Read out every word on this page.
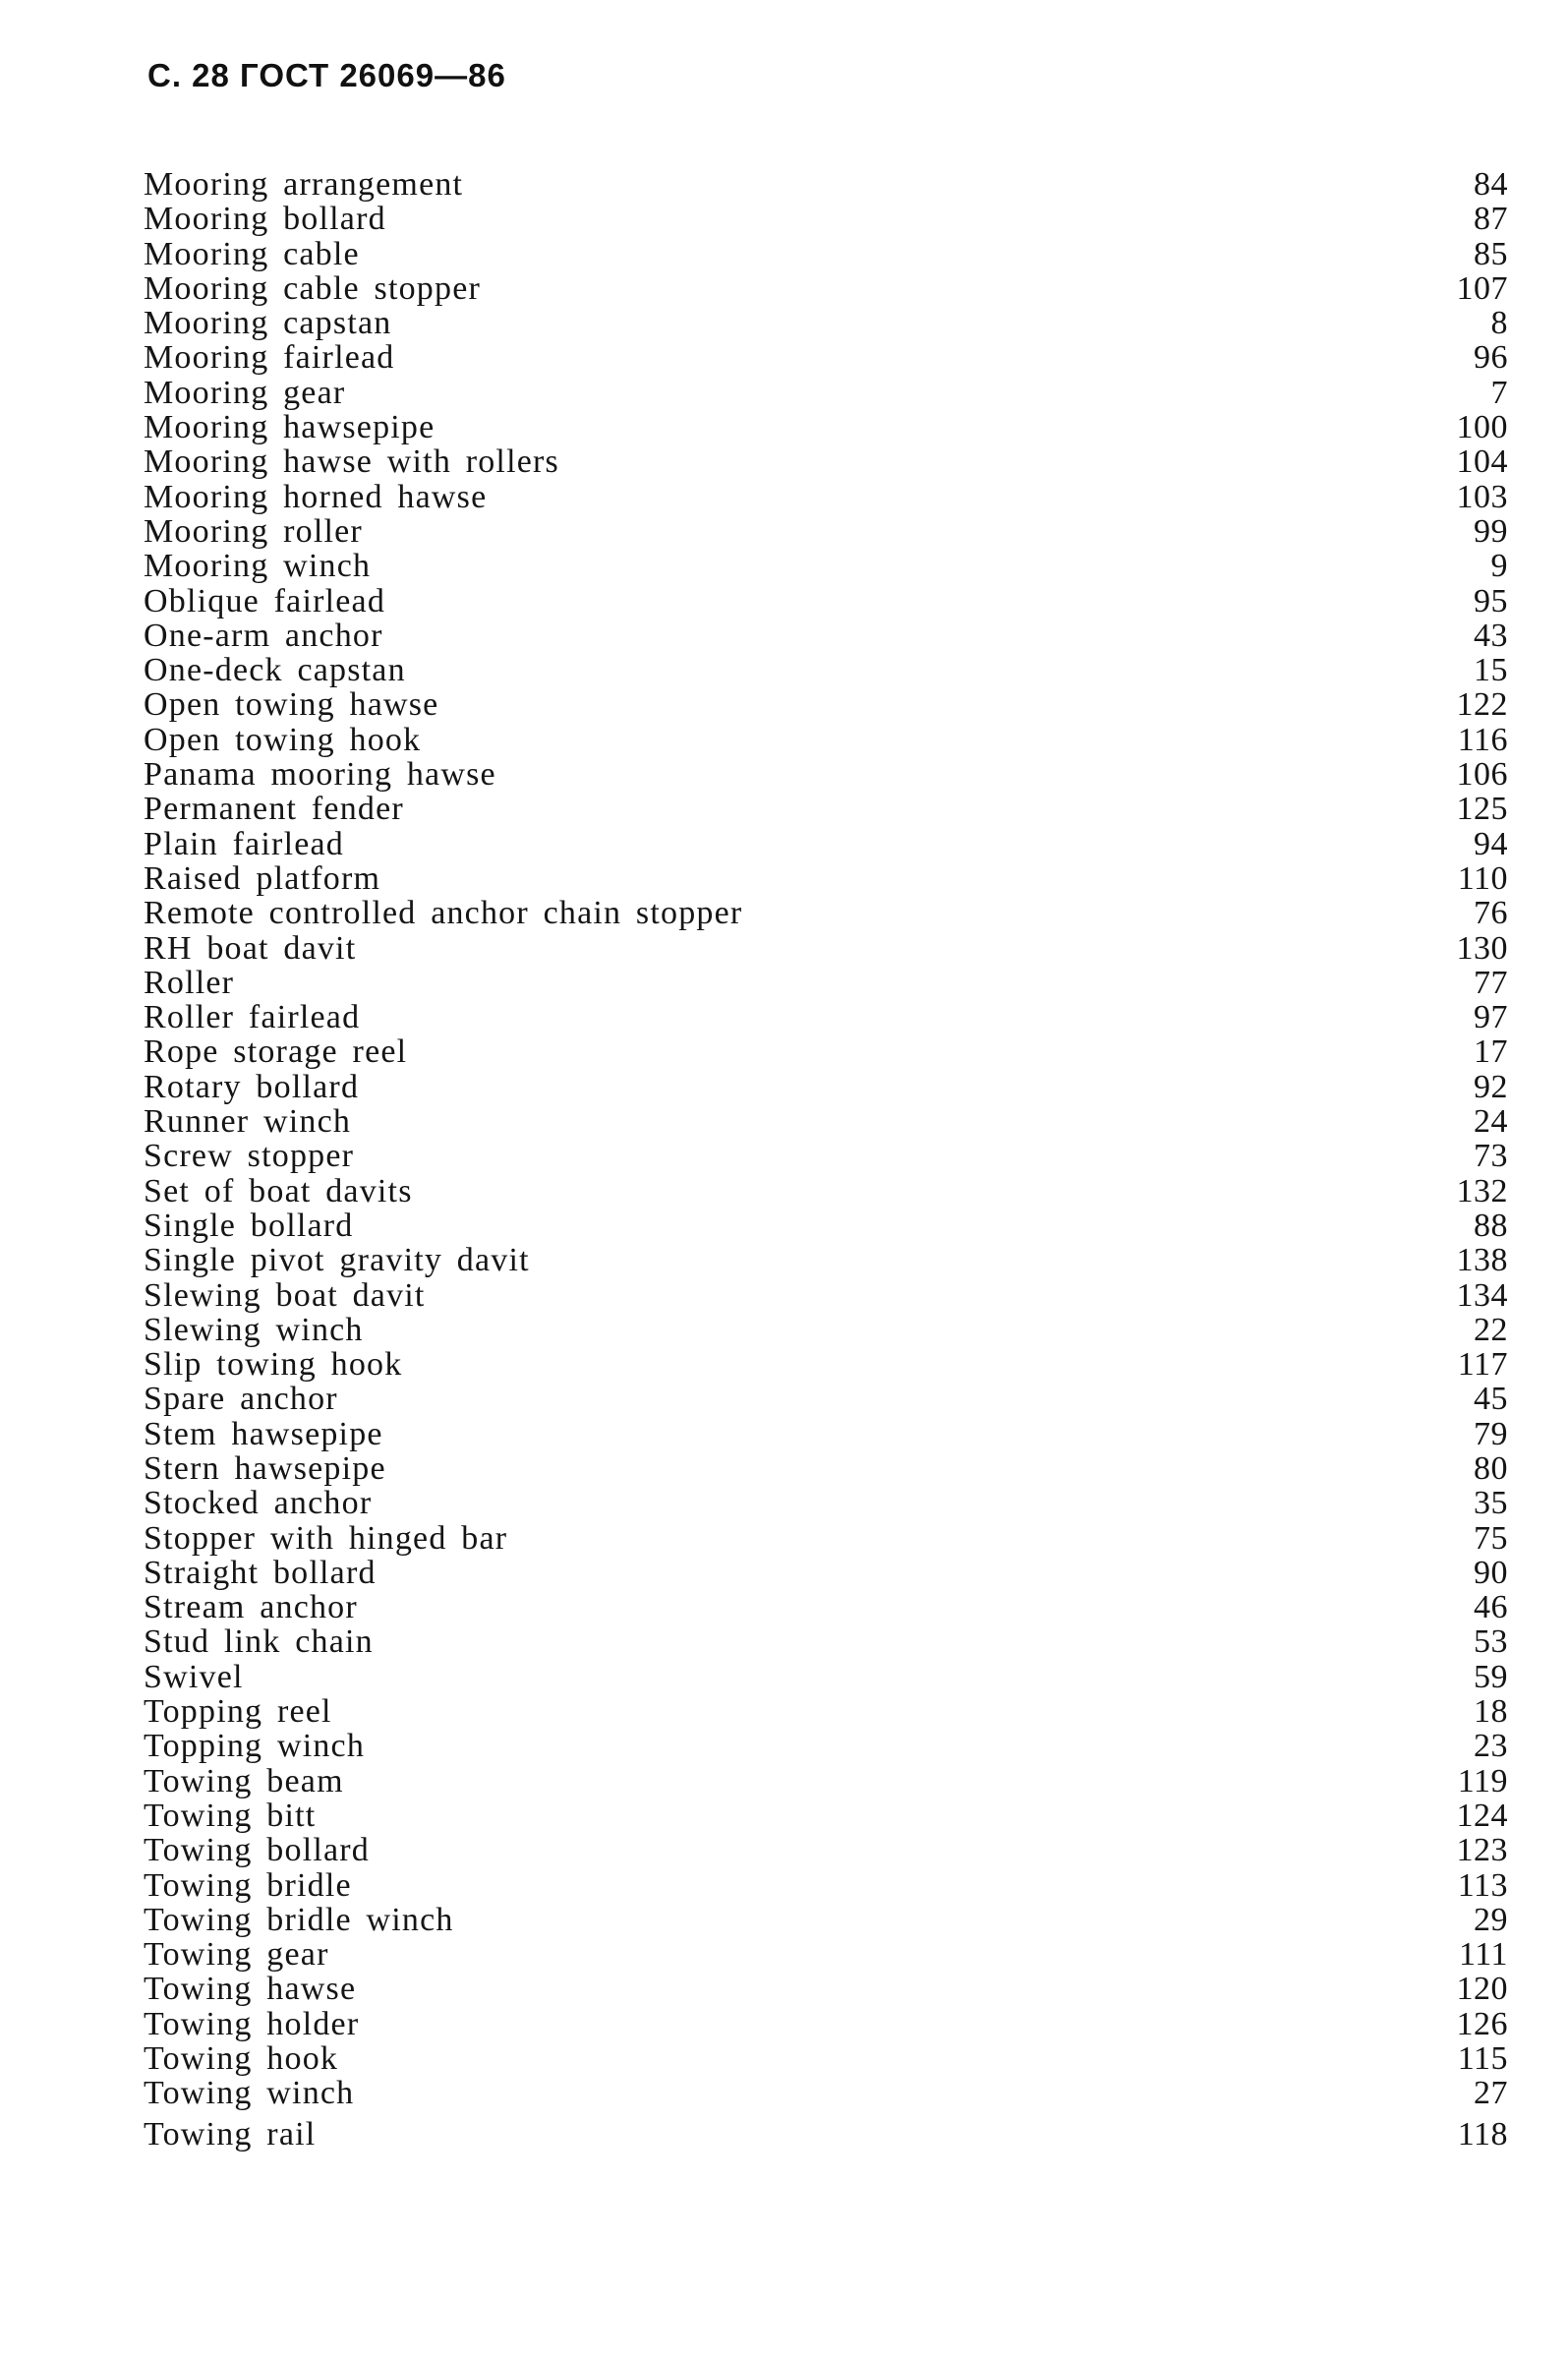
С. 28 ГОСТ 26069—86
Mooring arrangement	84
Mooring bollard	87
Mooring cable	85
Mooring cable stopper	107
Mooring capstan	8
Mooring fairlead	96
Mooring gear	7
Mooring hawsepipe	100
Mooring hawse with rollers	104
Mooring horned hawse	103
Mooring roller	99
Mooring winch	9
Oblique fairlead	95
One-arm anchor	43
One-deck capstan	15
Open towing hawse	122
Open towing hook	116
Panama mooring hawse	106
Permanent fender	125
Plain fairlead	94
Raised platform	110
Remote controlled anchor chain stopper	76
RH boat davit	130
Roller	77
Roller fairlead	97
Rope storage reel	17
Rotary bollard	92
Runner winch	24
Screw stopper	73
Set of boat davits	132
Single bollard	88
Single pivot gravity davit	138
Slewing boat davit	134
Slewing winch	22
Slip towing hook	117
Spare anchor	45
Stem hawsepipe	79
Stern hawsepipe	80
Stocked anchor	35
Stopper with hinged bar	75
Straight bollard	90
Stream anchor	46
Stud link chain	53
Swivel	59
Topping reel	18
Topping winch	23
Towing beam	119
Towing bitt	124
Towing bollard	123
Towing bridle	113
Towing bridle winch	29
Towing gear	111
Towing hawse	120
Towing holder	126
Towing hook	115
Towing winch	27
Towing rail	118
